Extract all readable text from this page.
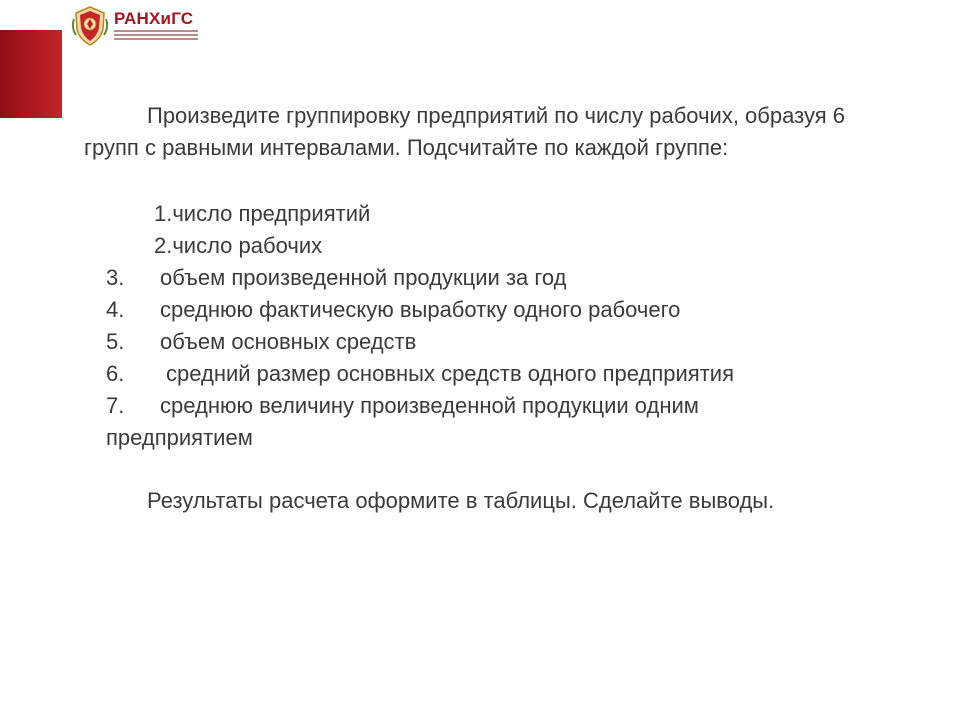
РАНХиГС

Произведите группировку предприятий по числу рабочих, образуя 6 групп с равными интервалами. Подсчитайте по каждой группе:

1.число предприятий
2.число рабочих
3.	объем произведенной продукции за год
4.	среднюю фактическую выработку одного рабочего
5.	объем основных средств
6.	средний размер основных средств одного предприятия
7.	среднюю величину произведенной продукции одним
предприятием

Результаты расчета оформите в таблицы. Сделайте выводы.
